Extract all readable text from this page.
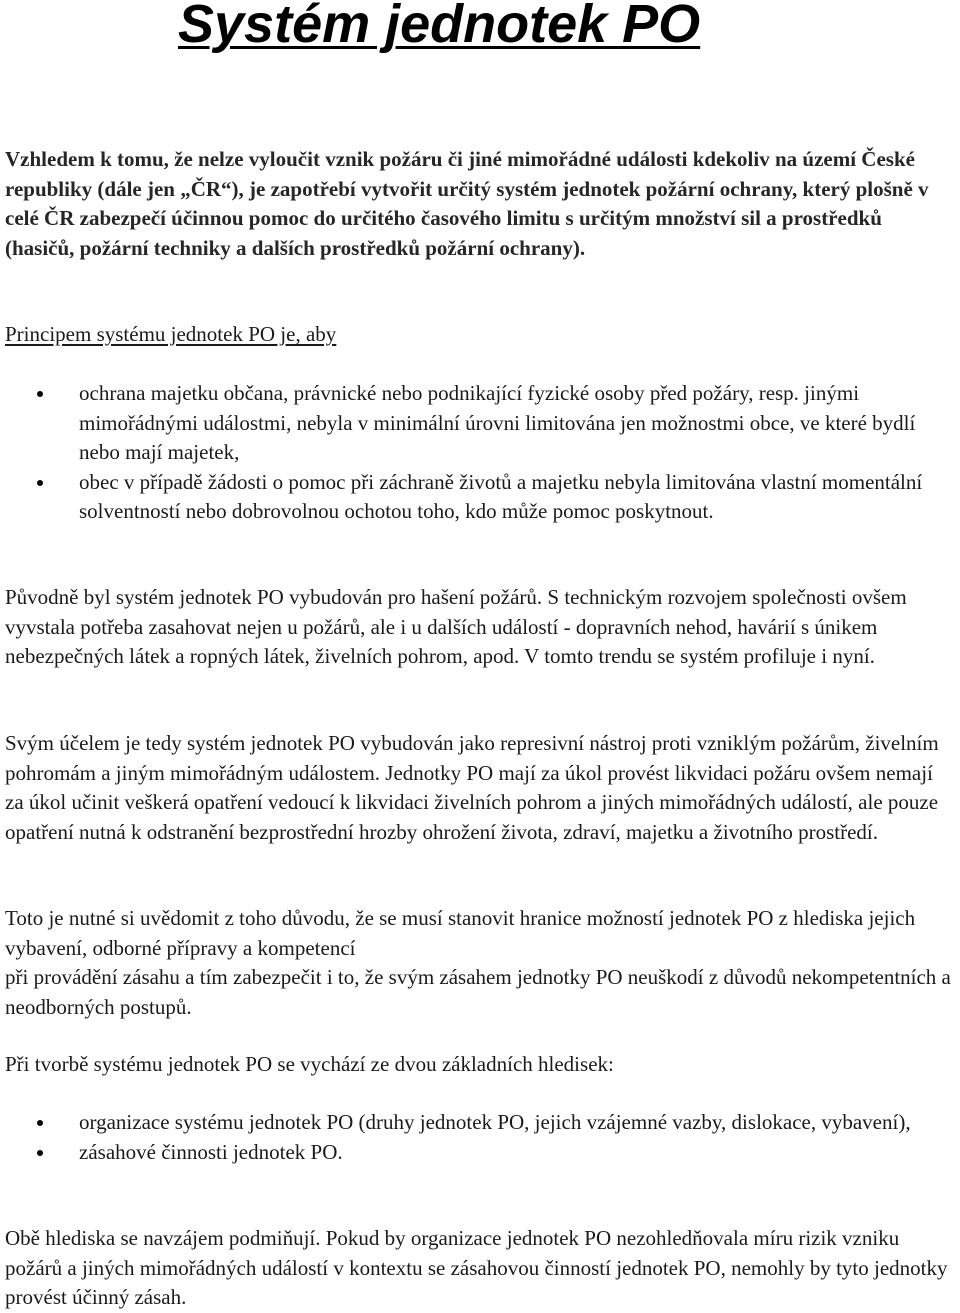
Systém jednotek PO

Vzhledem k tomu, že nelze vyloučit vznik požáru či jiné mimořádné události kdekoliv na území České republiky (dále jen „ČR“), je zapotřebí vytvořit určitý systém jednotek požární ochrany, který plošně v celé ČR zabezpečí účinnou pomoc do určitého časového limitu s určitým množství sil a prostředků (hasičů, požární techniky a dalších prostředků požární ochrany).

Principem systému jednotek PO je, aby

ochrana majetku občana, právnické nebo podnikající fyzické osoby před požáry, resp. jinými mimořádnými událostmi, nebyla v minimální úrovni limitována jen možnostmi obce, ve které bydlí nebo mají majetek,
obec v případě žádosti o pomoc při záchraně životů a majetku nebyla limitována vlastní momentální solventností nebo dobrovolnou ochotou toho, kdo může pomoc poskytnout.

Původně byl systém jednotek PO vybudován pro hašení požárů. S technickým rozvojem společnosti ovšem vyvstala potřeba zasahovat nejen u požárů, ale i u dalších událostí - dopravních nehod, havárií s únikem nebezpečných látek a ropných látek, živelních pohrom, apod. V tomto trendu se systém profiluje i nyní.

Svým účelem je tedy systém jednotek PO vybudován jako represivní nástroj proti vzniklým požárům, živelním pohromám a jiným mimořádným událostem. Jednotky PO mají za úkol provést likvidaci požáru ovšem nemají za úkol učinit veškerá opatření vedoucí k likvidaci živelních pohrom a jiných mimořádných událostí, ale pouze opatření nutná k odstranění bezprostřední hrozby ohrožení života, zdraví, majetku a životního prostředí.

Toto je nutné si uvědomit z toho důvodu, že se musí stanovit hranice možností jednotek PO z hlediska jejich vybavení, odborné přípravy a kompetencí
při provádění zásahu a tím zabezpečit i to, že svým zásahem jednotky PO neuškodí z důvodů nekompetentních a neodborných postupů.

Při tvorbě systému jednotek PO se vychází ze dvou základních hledisek:

organizace systému jednotek PO (druhy jednotek PO, jejich vzájemné vazby, dislokace, vybavení),
zásahové činnosti jednotek PO.

Obě hlediska se navzájem podmiňují. Pokud by organizace jednotek PO nezohledňovala míru rizik vzniku požárů a jiných mimořádných událostí v kontextu se zásahovou činností jednotek PO, nemohly by tyto jednotky provést účinný zásah.
